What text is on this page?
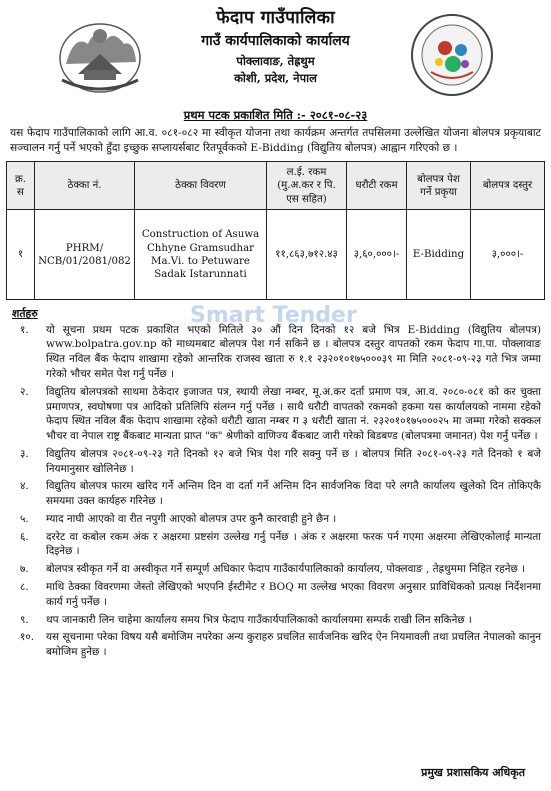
फेदाप गाउँपालिका
गाउँ कार्यपालिकाको कार्यालय
पोक्लावाङ, तेह्रथुम
कोशी, प्रदेश, नेपाल
प्रथम पटक प्रकाशित मिति :- २०८१-०८-२३

यस फेदाप गाउँपालिकाको लागि आ.व. ०८१-०८२ मा स्वीकृत योजना तथा कार्यक्रम अन्तर्गत तपसिलमा उल्लेखित योजना बोलपत्र प्रकृयाबाट सञ्चालन गर्नु पर्ने भएको हुँदा इच्छुक सप्लायर्सबाट रितपूर्वकको E-Bidding (विद्युतिय बोलपत्र) आह्वान गरिएको छ ।

क्र. स	ठेक्का नं.	ठेक्का विवरण	ल.ई. रकम (मु.अ.कर र पि. एस सहित)	धरौटी रकम	बोलपत्र पेश गर्ने प्रकृया	बोलपत्र दस्तुर
१	PHRM/ NCB/01/2081/082	Construction of Asuwa Chhyne Gramsudhar Ma.Vi. to Petuware Sadak Istarunnati	११,८६३,७१२.४३	३,६०,०००।-	E-Bidding	३,०००।-
शर्तहरु
१.	यो सूचना प्रथम पटक प्रकाशित भएको मितिले ३० औं दिन दिनको १२ बजे भित्र E-Bidding (विद्युतिय बोलपत्र) www.bolpatra.gov.np को माध्यमबाट बोलपत्र पेश गर्न सकिने छ । बोलपत्र दस्तुर वापतको रकम फेदाप गा.पा. पोक्लावाङ स्थित नविल बैंक फेदाप शाखामा रहेको आन्तरिक राजस्व खाता रु १.१ २३२०१०१७५०००३९ मा मिति २०८१-०९-२३ गते भित्र जम्मा गरेको भौचर समेत पेश गर्नु पर्नेछ ।
२.	विद्युतिय बोलपत्रको साथमा ठेकेदार इजाजत पत्र, स्थायी लेखा नम्बर, मू.अ.कर दर्ता प्रमाण पत्र, आ.व. २०८०-०८१ को कर चुक्ता प्रमाणपत्र, स्वघोषणा पत्र आदिको प्रतिलिपि संलग्न गर्नु पर्नेछ । साथै धरौटी वापतको रकमको हकमा यस कार्यालयको नाममा रहेको फेदाप स्थित नविल बैंक फेदाप शाखामा रहेको धरौटी खाता नम्बर ग ३ धरौटी खाता नं. २३२०१०१७५०००२५ मा जम्मा गरेको सक्कल भौचर वा नेपाल राष्ट्र बैंकबाट मान्यता प्राप्त "क" श्रेणीको वाणिज्य बैंकबाट जारी गरेको बिडबण्ड (बोलपत्रमा जमानत) पेश गर्नु पर्नेछ ।
३.	विद्युतिय बोलपत्र २०८१-०९-२३ गते दिनको १२ बजे भित्र पेश गरि सक्नु पर्ने छ । बोलपत्र मिति २०८१-०९-२३ गते दिनको १ बजे नियमानुसार खोलिनेछ ।
४.	विद्युतिय बोलपत्र फारम खरिद गर्ने अन्तिम दिन वा दर्ता गर्ने अन्तिम दिन सार्वजनिक विदा परे लगतै कार्यालय खुलेको दिन तोकिएकै समयमा उक्त कार्यहरु गरिनेछ ।
५.	म्याद नाघी आएको वा रीत नपुगी आएको बोलपत्र उपर कुनै कारवाही हुने छैन ।
६.	दररेट वा कबोल रकम अंक र अक्षरमा प्रष्टसंग उल्लेख गर्नु पर्नेछ । अंक र अक्षरमा फरक पर्न गएमा अक्षरमा लेखिएकोलाई मान्यता दिइनेछ ।
७.	बोलपत्र स्वीकृत गर्ने वा अस्वीकृत गर्ने सम्पूर्ण अधिकार फेदाप गाउँकार्यपालिकाको कार्यालय, पोक्लवाङ , तेह्रथुममा निहित रहनेछ ।
८.	माथि ठेक्का विवरणमा जेस्तो लेखिएको भएपनि ईस्टीमेट र BOQ मा उल्लेख भएका विवरण अनुसार प्राविधिकको प्रत्यक्ष निर्देशनमा कार्य गर्नु पर्नेछ ।
९.	थप जानकारी लिन चाहेमा कार्यालय समय भित्र फेदाप गाउँकार्यपालिकाको कार्यालयमा सम्पर्क राखी लिन सकिनेछ ।
१०.	यस सूचनामा परेका विषय यसै बमोजिम नपरेका अन्य कुराहरु प्रचलित सार्वजनिक खरिद ऐन नियमावली तथा प्रचलित नेपालको कानुन बमोजिम हुनेछ ।
Smart Tender
प्रमुख प्रशासकिय अधिकृत
